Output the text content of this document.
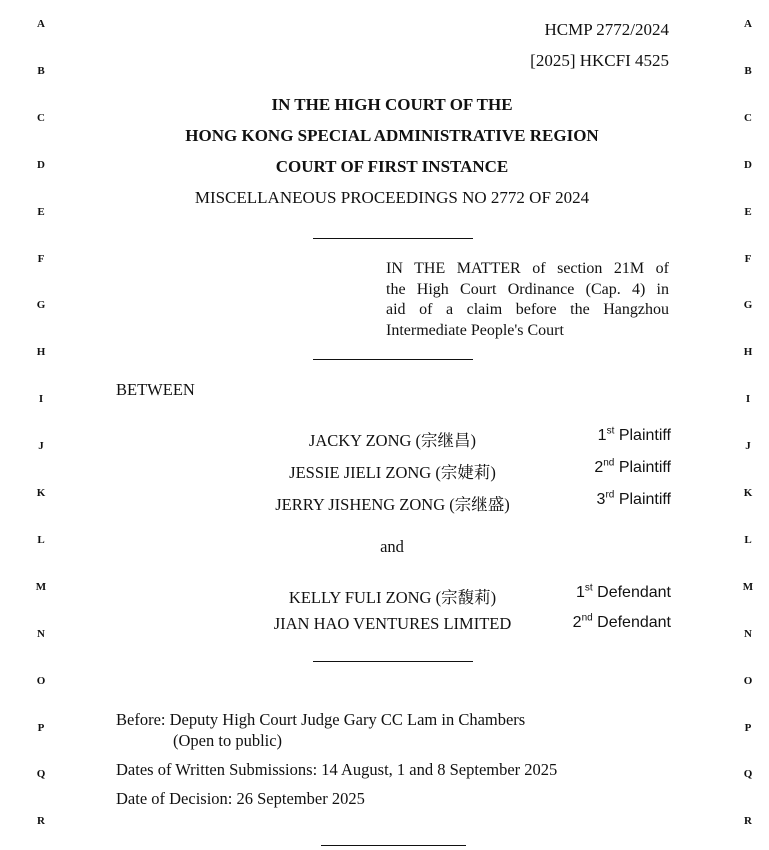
A
B
C
D
E
F
G
H
I
J
K
L
M
N
O
P
Q
R
A
B
C
D
E
F
G
H
I
J
K
L
M
N
O
P
Q
R
HCMP 2772/2024
[2025] HKCFI 4525
IN THE HIGH COURT OF THE
HONG KONG SPECIAL ADMINISTRATIVE REGION
COURT OF FIRST INSTANCE
MISCELLANEOUS PROCEEDINGS NO 2772 OF 2024
IN THE MATTER of section 21M of
the High Court Ordinance (Cap. 4) in
aid of a claim before the Hangzhou
Intermediate People's Court
BETWEEN
JACKY ZONG (宗继昌)	1st Plaintiff
JESSIE JIELI ZONG (宗婕莉)	2nd Plaintiff
JERRY JISHENG ZONG (宗继盛)	3rd Plaintiff
and
KELLY FULI ZONG (宗馥莉)	1st Defendant
JIAN HAO VENTURES LIMITED	2nd Defendant
Before: Deputy High Court Judge Gary CC Lam in Chambers
(Open to public)
Dates of Written Submissions: 14 August, 1 and 8 September 2025
Date of Decision: 26 September 2025
